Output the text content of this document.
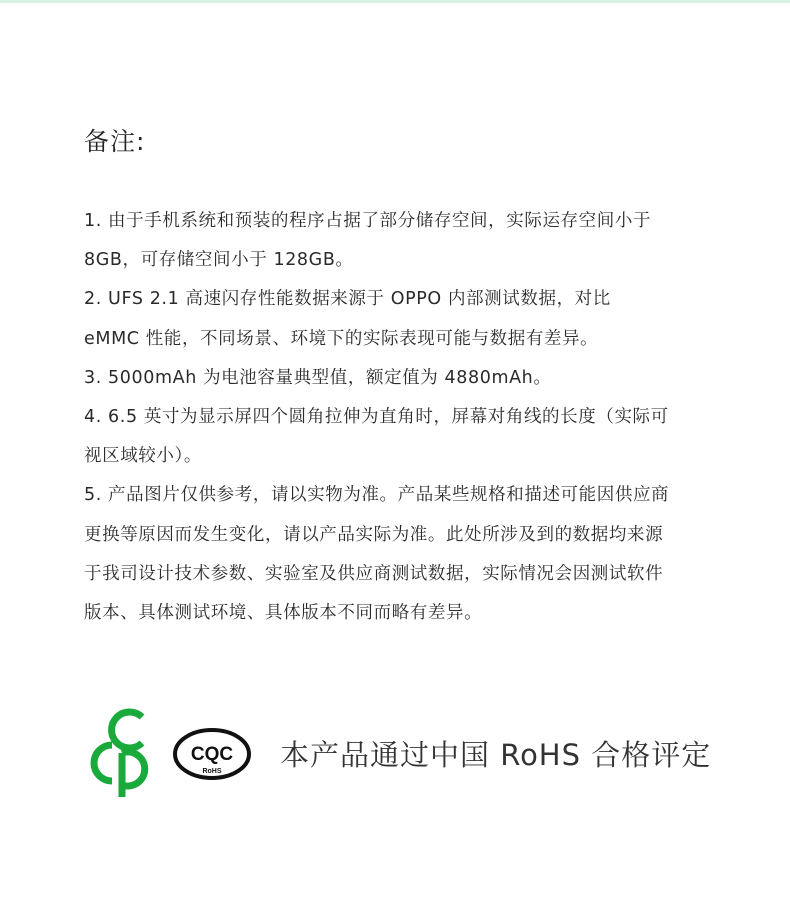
备注:

1. 由于手机系统和预装的程序占据了部分储存空间，实际运存空间小于
8GB，可存储空间小于 128GB。

2. UFS 2.1 高速闪存性能数据来源于 OPPO 内部测试数据，对比
eMMC 性能，不同场景、环境下的实际表现可能与数据有差异。

3. 5000mAh 为电池容量典型值，额定值为 4880mAh。

4. 6.5 英寸为显示屏四个圆角拉伸为直角时，屏幕对角线的长度（实际可
视区域较小）。

5. 产品图片仅供参考，请以实物为准。产品某些规格和描述可能因供应商
更换等原因而发生变化，请以产品实际为准。此处所涉及到的数据均来源
于我司设计技术参数、实验室及供应商测试数据，实际情况会因测试软件
版本、具体测试环境、具体版本不同而略有差异。

CQC
RoHS 本产品通过中国 RoHS 合格评定
